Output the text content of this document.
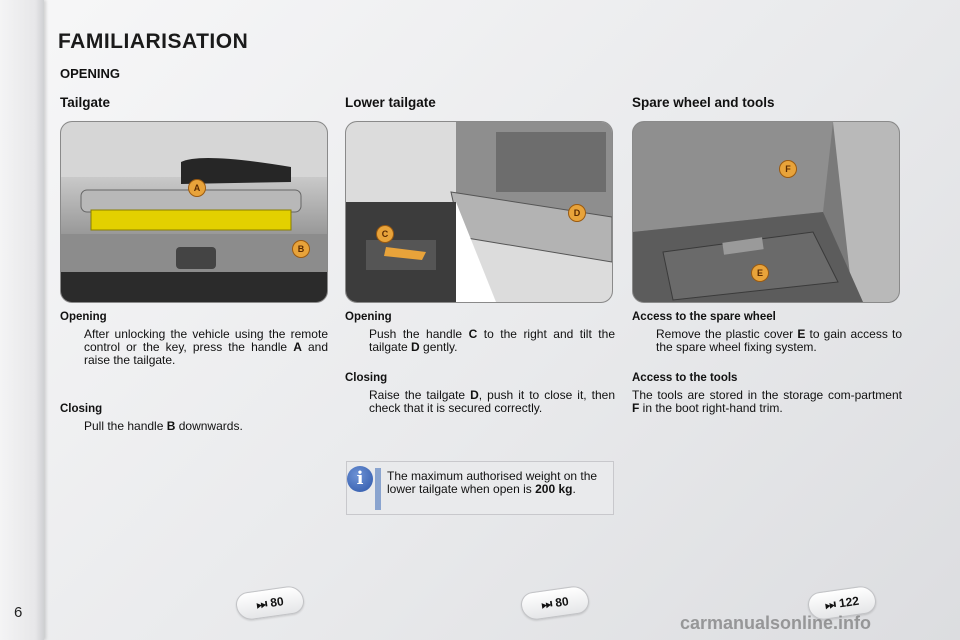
6
FAMILIARISATION
OPENING
Tailgate
A
B
Opening
After unlocking the vehicle using the remote control or the key, press the handle A and raise the tailgate.
Closing
Pull the handle B downwards.
Lower tailgate
C
D
Opening
Push the handle C to the right and tilt the tailgate D gently.
Closing
Raise the tailgate D, push it to close it, then check that it is secured correctly.
Spare wheel and tools
F
E
Access to the spare wheel
Remove the plastic cover E to gain access to the spare wheel fixing system.
Access to the tools
The tools are stored in the storage com-partment F in the boot right-hand trim.
i	The maximum authorised weight on the lower tailgate when open is 200 kg.
⏭ 80	⏭ 80	⏭ 122
carmanualsonline.info
